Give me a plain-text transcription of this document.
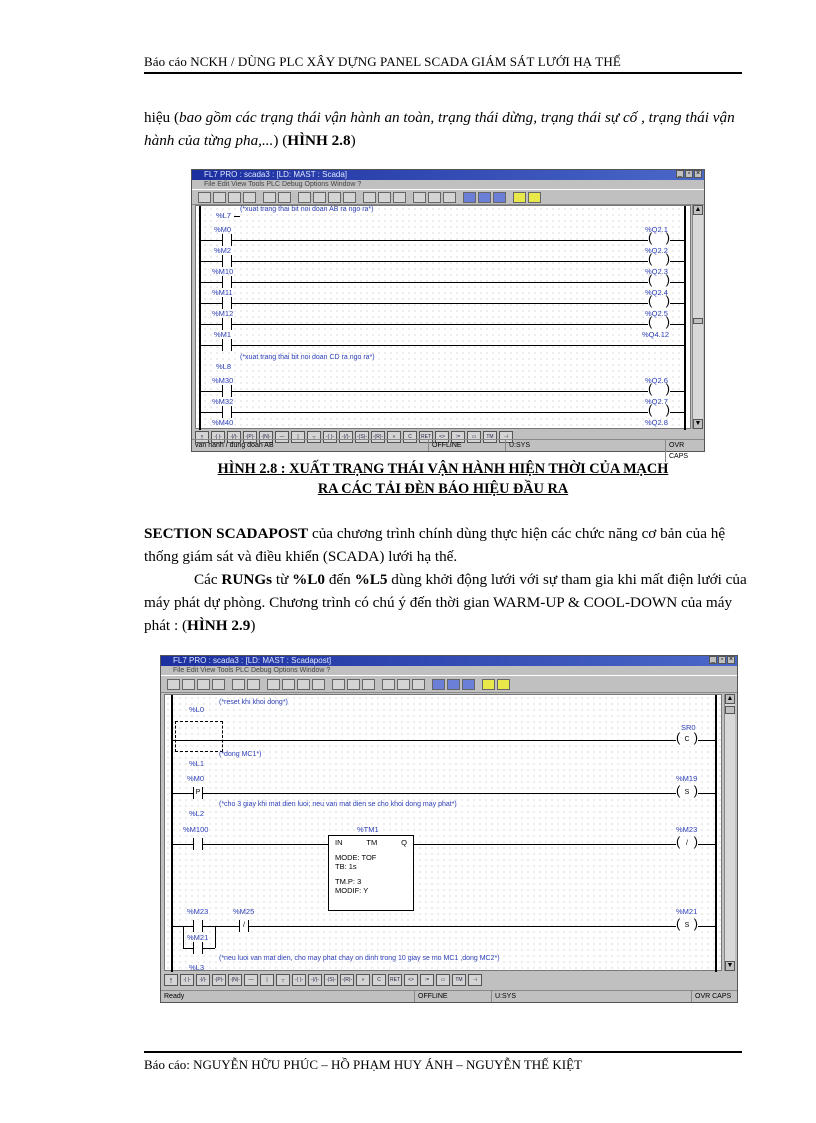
Báo cáo NCKH / DÙNG PLC XÂY DỰNG PANEL SCADA GIÁM SÁT LƯỚI HẠ THẾ
hiệu (bao gồm các trạng thái vận hành an toàn, trạng thái dừng, trạng thái sự cố , trạng thái vận hành của từng pha,...) (HÌNH 2.8)
FL7 PRO : scada3 : [LD: MAST : Scada]	_ ▫ ×
File Edit View Tools PLC Debug Options Window ?
%L7
(*xuat trang thai bit noi doan AB ra ngo ra*)
%M0	%Q2.1
( )
%M2	%Q2.2
( )
%M10	%Q2.3
( )
%M11	%Q2.4
( )
%M12	%Q2.5
( )
%M1	%Q4.12
(*xuat trang thai bit noi doan CD ra ngo ra*)
%L8
%M30	%Q2.6
( )
%M32	%Q2.7
( )
%M40	%Q2.8
▲
▼
↑	-| |-	-|/|-	-|P|-	-|N|-	—	|	┬	-( )-	-(/)-	-(S)-	-(R)-	»	C	RET	<>	:=	▭	TM	⊣
van hanh / dung doan AB	OFFLINE	U:SYS	OVR CAPS
HÌNH 2.8 : XUẤT TRẠNG THÁI VẬN HÀNH HIỆN THỜI CỦA MẠCH
RA CÁC TẢI ĐÈN BÁO HIỆU ĐẦU RA
SECTION SCADAPOST của chương trình chính dùng thực hiện các chức năng cơ bản của hệ thống giám sát và điều khiển (SCADA) lưới hạ thế.
Các RUNGs từ %L0 đến %L5 dùng khởi động lưới với sự tham gia khi mất điện lưới của máy phát dự phòng. Chương trình có chú ý đến thời gian WARM-UP & COOL-DOWN của máy phát : (HÌNH 2.9)
FL7 PRO : scada3 : [LD: MAST : Scadapost]	_ ▫ ×
File Edit View Tools PLC Debug Options Window ?
%L0
(*reset khi khoi dong*)
SR0
( C )
(*dong MC1*)
%L1
%M0
P
%M19
( S )
(*cho 3 giay khi mat dien luoi; neu van mat dien se cho khoi dong may phat*)
%L2
%M100	%TM1
IN	TM	Q
MODE: TOF
TB: 1s
TM.P: 3
MODIF: Y
%M23
( / )
%M23	%M25
/
%M21
( S )
%M21
(*neu luoi van mat dien, cho may phat chay on dinh trong 10 giay se mo MC1 ,dong MC2*)
%L3
▲
▼
↑	-| |-	-|/|-	-|P|-	-|N|-	—	|	┬	-( )-	-(/)-	-(S)-	-(R)-	»	C	RET	<>	:=	▭	TM	⊣
Ready	OFFLINE	U:SYS	OVR CAPS
Báo cáo: NGUYỄN HỮU PHÚC – HỒ PHẠM HUY ÁNH – NGUYỄN THẾ KIỆT
